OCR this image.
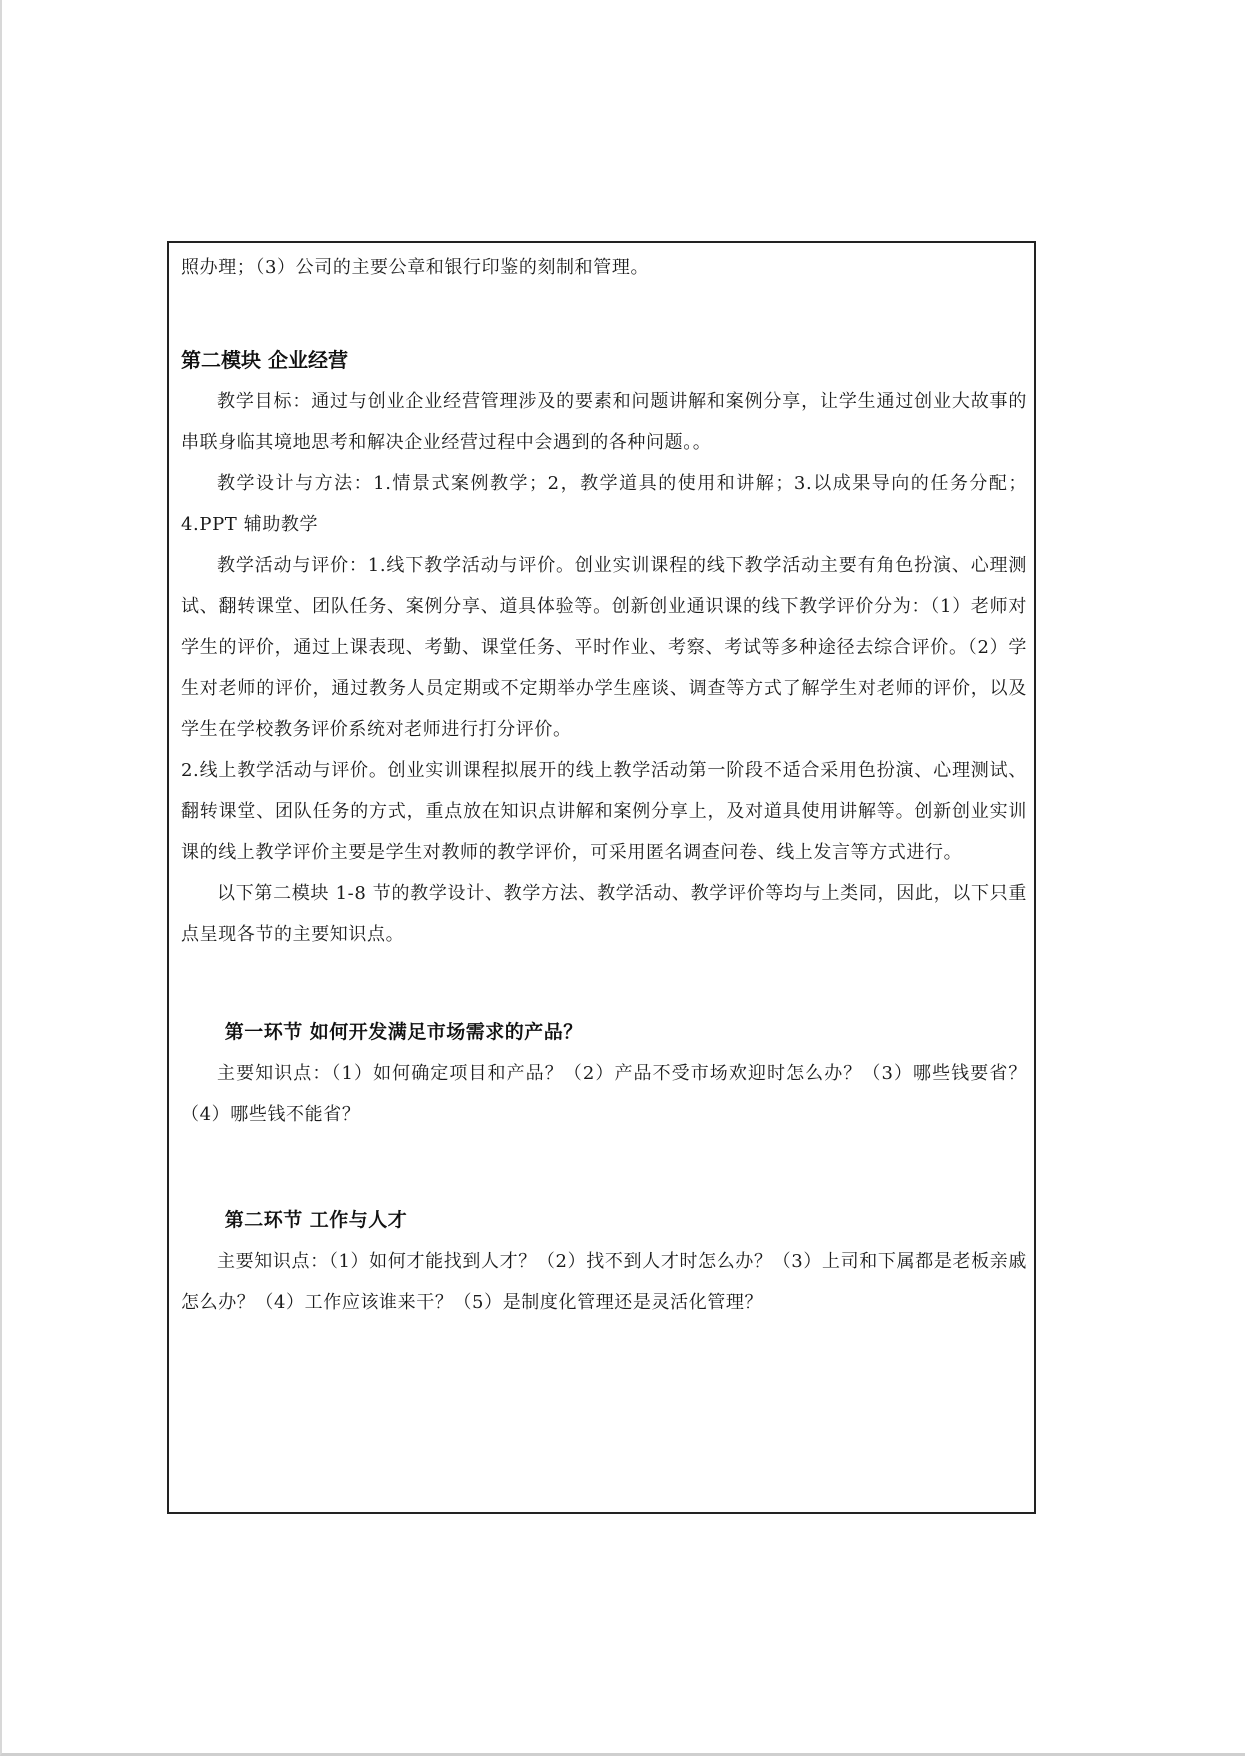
照办理；（3）公司的主要公章和银行印鉴的刻制和管理。

第二模块 企业经营

教学目标：通过与创业企业经营管理涉及的要素和问题讲解和案例分享，让学生通过创业大故事的串联身临其境地思考和解决企业经营过程中会遇到的各种问题。。

教学设计与方法：1.情景式案例教学；2，教学道具的使用和讲解；3.以成果导向的任务分配；4.PPT 辅助教学

教学活动与评价：1.线下教学活动与评价。创业实训课程的线下教学活动主要有角色扮演、心理测试、翻转课堂、团队任务、案例分享、道具体验等。创新创业通识课的线下教学评价分为：（1）老师对学生的评价，通过上课表现、考勤、课堂任务、平时作业、考察、考试等多种途径去综合评价。（2）学生对老师的评价，通过教务人员定期或不定期举办学生座谈、调查等方式了解学生对老师的评价，以及学生在学校教务评价系统对老师进行打分评价。

2.线上教学活动与评价。创业实训课程拟展开的线上教学活动第一阶段不适合采用色扮演、心理测试、翻转课堂、团队任务的方式，重点放在知识点讲解和案例分享上，及对道具使用讲解等。创新创业实训课的线上教学评价主要是学生对教师的教学评价，可采用匿名调查问卷、线上发言等方式进行。

以下第二模块 1-8 节的教学设计、教学方法、教学活动、教学评价等均与上类同，因此，以下只重点呈现各节的主要知识点。

第一环节 如何开发满足市场需求的产品？

主要知识点：（1）如何确定项目和产品？（2）产品不受市场欢迎时怎么办？（3）哪些钱要省？（4）哪些钱不能省？

第二环节 工作与人才

主要知识点：（1）如何才能找到人才？（2）找不到人才时怎么办？（3）上司和下属都是老板亲戚怎么办？（4）工作应该谁来干？（5）是制度化管理还是灵活化管理？
